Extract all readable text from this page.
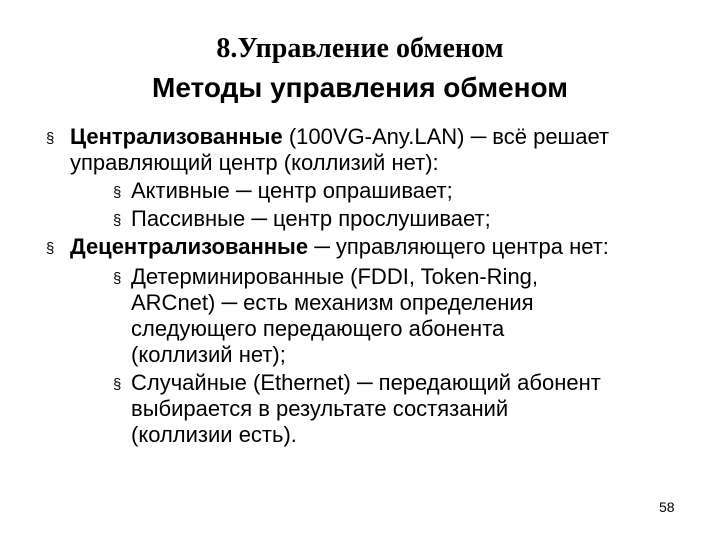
8.Управление обменом
Методы управления обменом
§ Централизованные (100VG-Any.LAN) ─ всё решает
управляющий центр (коллизий нет):
§ Активные ─ центр опрашивает;
§ Пассивные ─ центр прослушивает;
§ Децентрализованные ─ управляющего центра нет:
§ Детерминированные (FDDI, Token-Ring,
ARCnet) ─ есть механизм определения
следующего передающего абонента
(коллизий нет);
§ Случайные (Ethernet) ─ передающий абонент
выбирается в результате состязаний
(коллизии есть).
58
